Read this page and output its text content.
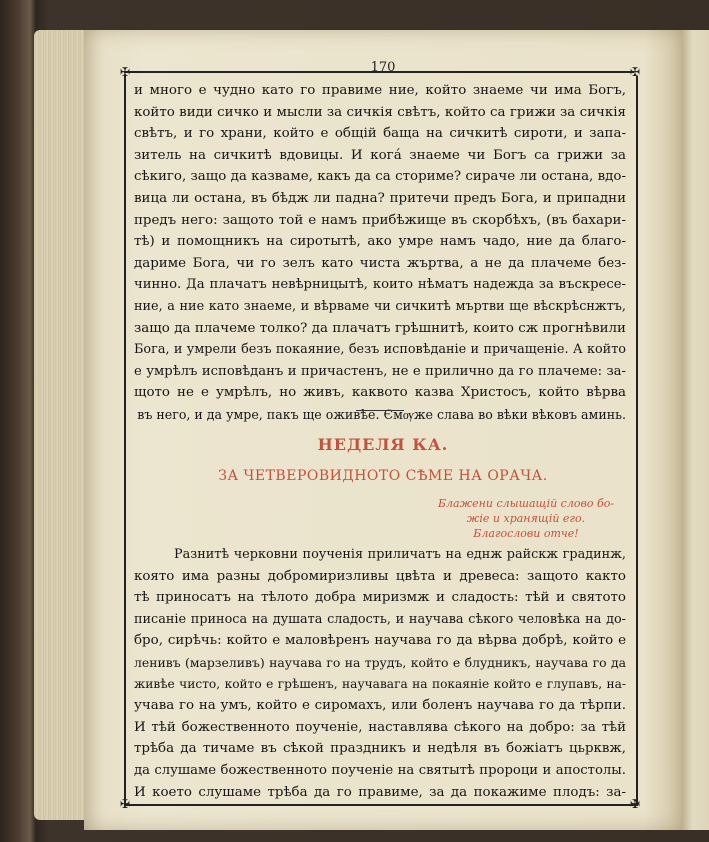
170
✠	✠
✠	✠
и много е чудно като го правиме ние, който знаеме чи има Богъ,
който види сичко и мысли за сичкія свѣтъ, който са грижи за сичкія
свѣтъ, и го храни, който е общій баща на сичкитѣ сироти, и запа-
зитель на сичкитѣ вдовицы. И когá знаеме чи Богъ са грижи за
сѣкиго, защо да казваме, какъ да са сториме? сираче ли остана, вдо-
вица ли остана, въ бѣдж ли падна? притечи предъ Бога, и припадни
предъ него: защото той е намъ прибѣжище въ скорбѣхъ, (въ бахари-
тѣ) и помощникъ на сиротытѣ, ако умре намъ чадо, ние да благо-
дариме Бога, чи го зелъ като чиста жъртва, а не да плачеме без-
чинно. Да плачатъ невѣрницытѣ, които нѣматъ надежда за въскресе-
ние, а ние като знаеме, и вѣрваме чи сичкитѣ мъртви ще вѣскрѣснжтъ,
защо да плачеме толко? да плачатъ грѣшнитѣ, които сж прогнѣвили
Бога, и умрели безъ покаяние, безъ исповѣданіе и причащеніе. А който
е умрѣлъ исповѣданъ и причастенъ, не е прилично да го плачеме: за-
щото не е умрѣлъ, но живъ, каквото казва Христосъ, който вѣрва
въ него, и да умре, пакъ ще оживѣе. Ємѹже слава во вѣки вѣковъ аминь.
НЕДЕЛЯ КА.
ЗА ЧЕТВЕРОВИДНОТО СѢМЕ НА ОРАЧА.
Блажени слышащій слово бо-
жіе и хранящій его.
Благослови отче!
Разнитѣ черковни поученія приличатъ на еднж райскж градинж,
която има разны добромиризливы цвѣта и древеса: защото както
тѣ приносатъ на тѣлото добра миризмж и сладость: тѣй и святото
писаніе приноса на душата сладость, и научава сѣкого человѣка на до-
бро, сирѣчь: който е маловѣренъ научава го да вѣрва добрѣ, който е
ленивъ (марзеливъ) научава го на трудъ, който е блудникъ, научава го да
живѣе чисто, който е грѣшенъ, научавага на покаяніе който е глупавъ, на-
учава го на умъ, който е сиромахъ, или боленъ научава го да тѣрпи.
И тѣй божественното поученіе, наставлява сѣкого на добро: за тѣй
трѣба да тичаме въ сѣкой праздникъ и недѣля въ божіатъ цьрквж,
да слушаме божественното поученіе на святытѣ пророци и апостолы.
И което слушаме трѣба да го правиме, за да покажиме плодъ: за-
